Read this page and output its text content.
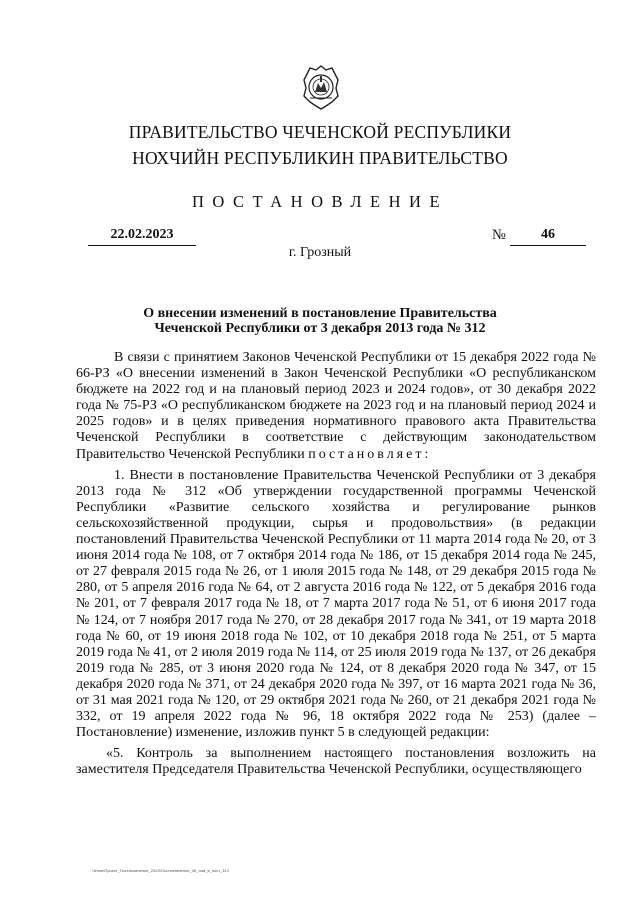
ПРАВИТЕЛЬСТВО ЧЕЧЕНСКОЙ РЕСПУБЛИКИ
НОХЧИЙН РЕСПУБЛИКИН ПРАВИТЕЛЬСТВО
ПОСТАНОВЛЕНИЕ
22.02.2023	№	46
г. Грозный
О внесении изменений в постановление Правительства
Чеченской Республики от 3 декабря 2013 года № 312

В связи с принятием Законов Чеченской Республики от 15 декабря 2022 года № 66-РЗ «О внесении изменений в Закон Чеченской Республики «О республиканском бюджете на 2022 год и на плановый период 2023 и 2024 годов», от 30 декабря 2022 года № 75-РЗ «О республиканском бюджете на 2023 год и на плановый период 2024 и 2025 годов» и в целях приведения нормативного правового акта Правительства Чеченской Республики в соответствие с действующим законодательством Правительство Чеченской Республики постановляет:

1. Внести в постановление Правительства Чеченской Республики от 3 декабря 2013 года № 312 «Об утверждении государственной программы Чеченской Республики «Развитие сельского хозяйства и регулирование рынков сельскохозяйственной продукции, сырья и продовольствия» (в редакции постановлений Правительства Чеченской Республики от 11 марта 2014 года № 20, от 3 июня 2014 года № 108, от 7 октября 2014 года № 186, от 15 декабря 2014 года № 245, от 27 февраля 2015 года № 26, от 1 июля 2015 года № 148, от 29 декабря 2015 года № 280, от 5 апреля 2016 года № 64, от 2 августа 2016 года № 122, от 5 декабря 2016 года № 201, от 7 февраля 2017 года № 18, от 7 марта 2017 года № 51, от 6 июня 2017 года № 124, от 7 ноября 2017 года № 270, от 28 декабря 2017 года № 341, от 19 марта 2018 года № 60, от 19 июня 2018 года № 102, от 10 декабря 2018 года № 251, от 5 марта 2019 года № 41, от 2 июля 2019 года № 114, от 25 июля 2019 года № 137, от 26 декабря 2019 года № 285, от 3 июня 2020 года № 124, от 8 декабря 2020 года № 347, от 15 декабря 2020 года № 371, от 24 декабря 2020 года № 397, от 16 марта 2021 года № 36, от 31 мая 2021 года № 120, от 29 октября 2021 года № 260, от 21 декабря 2021 года № 332, от 19 апреля 2022 года № 96, 18 октября 2022 года № 253) (далее – Постановление) изменение, изложив пункт 5 в следующей редакции:

«5. Контроль за выполнением настоящего постановления возложить на заместителя Председателя Правительства Чеченской Республики, осуществляющего

Чечня\Проект_Постановление_2023\Постановление_46_изм_в_пост_312
